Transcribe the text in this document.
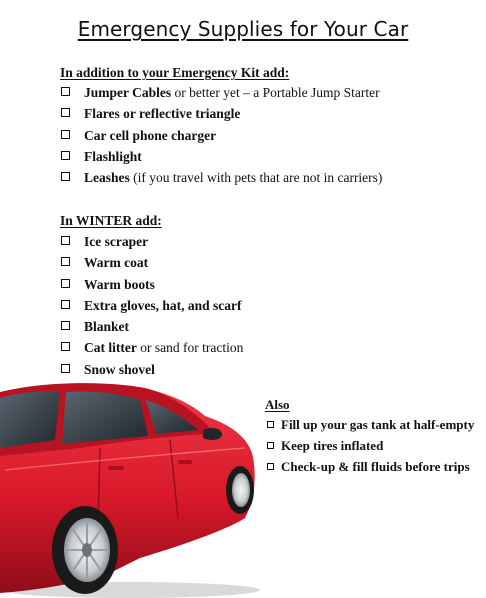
Emergency Supplies for Your Car
In addition to your Emergency Kit add:
Jumper Cables or better yet – a Portable Jump Starter
Flares or reflective triangle
Car cell phone charger
Flashlight
Leashes (if you travel with pets that are not in carriers)
In WINTER add:
Ice scraper
Warm coat
Warm boots
Extra gloves, hat, and scarf
Blanket
Cat litter or sand for traction
Snow shovel
Also
Fill up your gas tank at half-empty
Keep tires inflated
Check-up & fill fluids before trips
